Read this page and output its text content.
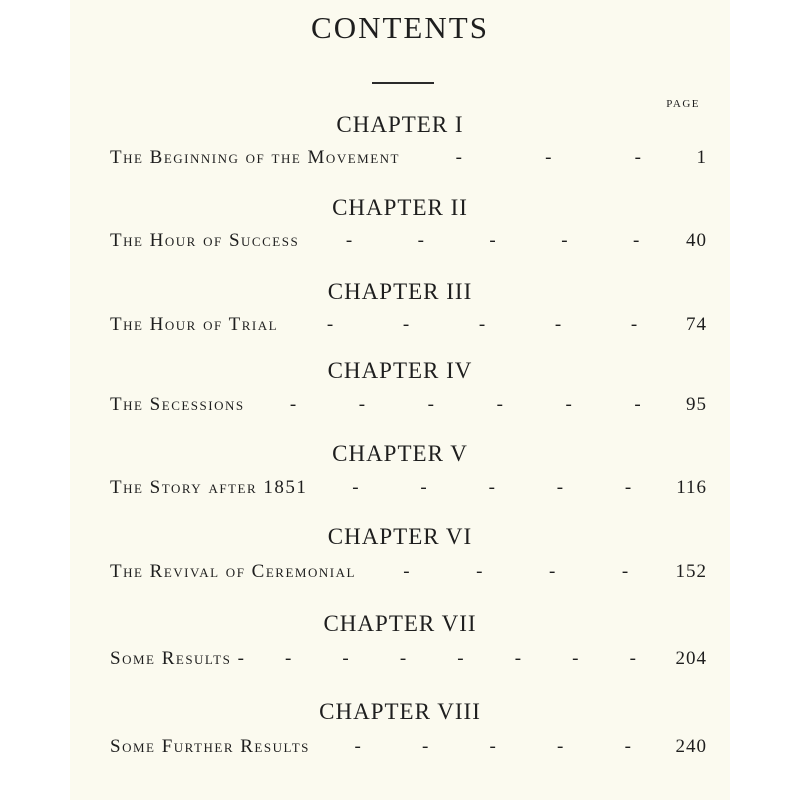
CONTENTS
PAGE
CHAPTER I
The Beginning of the Movement	-	-	-	1
CHAPTER II
The Hour of Success -	-	-	-	- 40
CHAPTER III
The Hour of Trial	-	-	-	-	-	74
CHAPTER IV
The Secessions -	-	-	-	-	- 95
CHAPTER V
The Story after 1851 -	-	-	-	- 116
CHAPTER VI
The Revival of Ceremonial -	-	-	- 152
CHAPTER VII
Some Results - -	-	-	-	-	-	- 204
CHAPTER VIII
Some Further Results -	-	-	-	- 240
